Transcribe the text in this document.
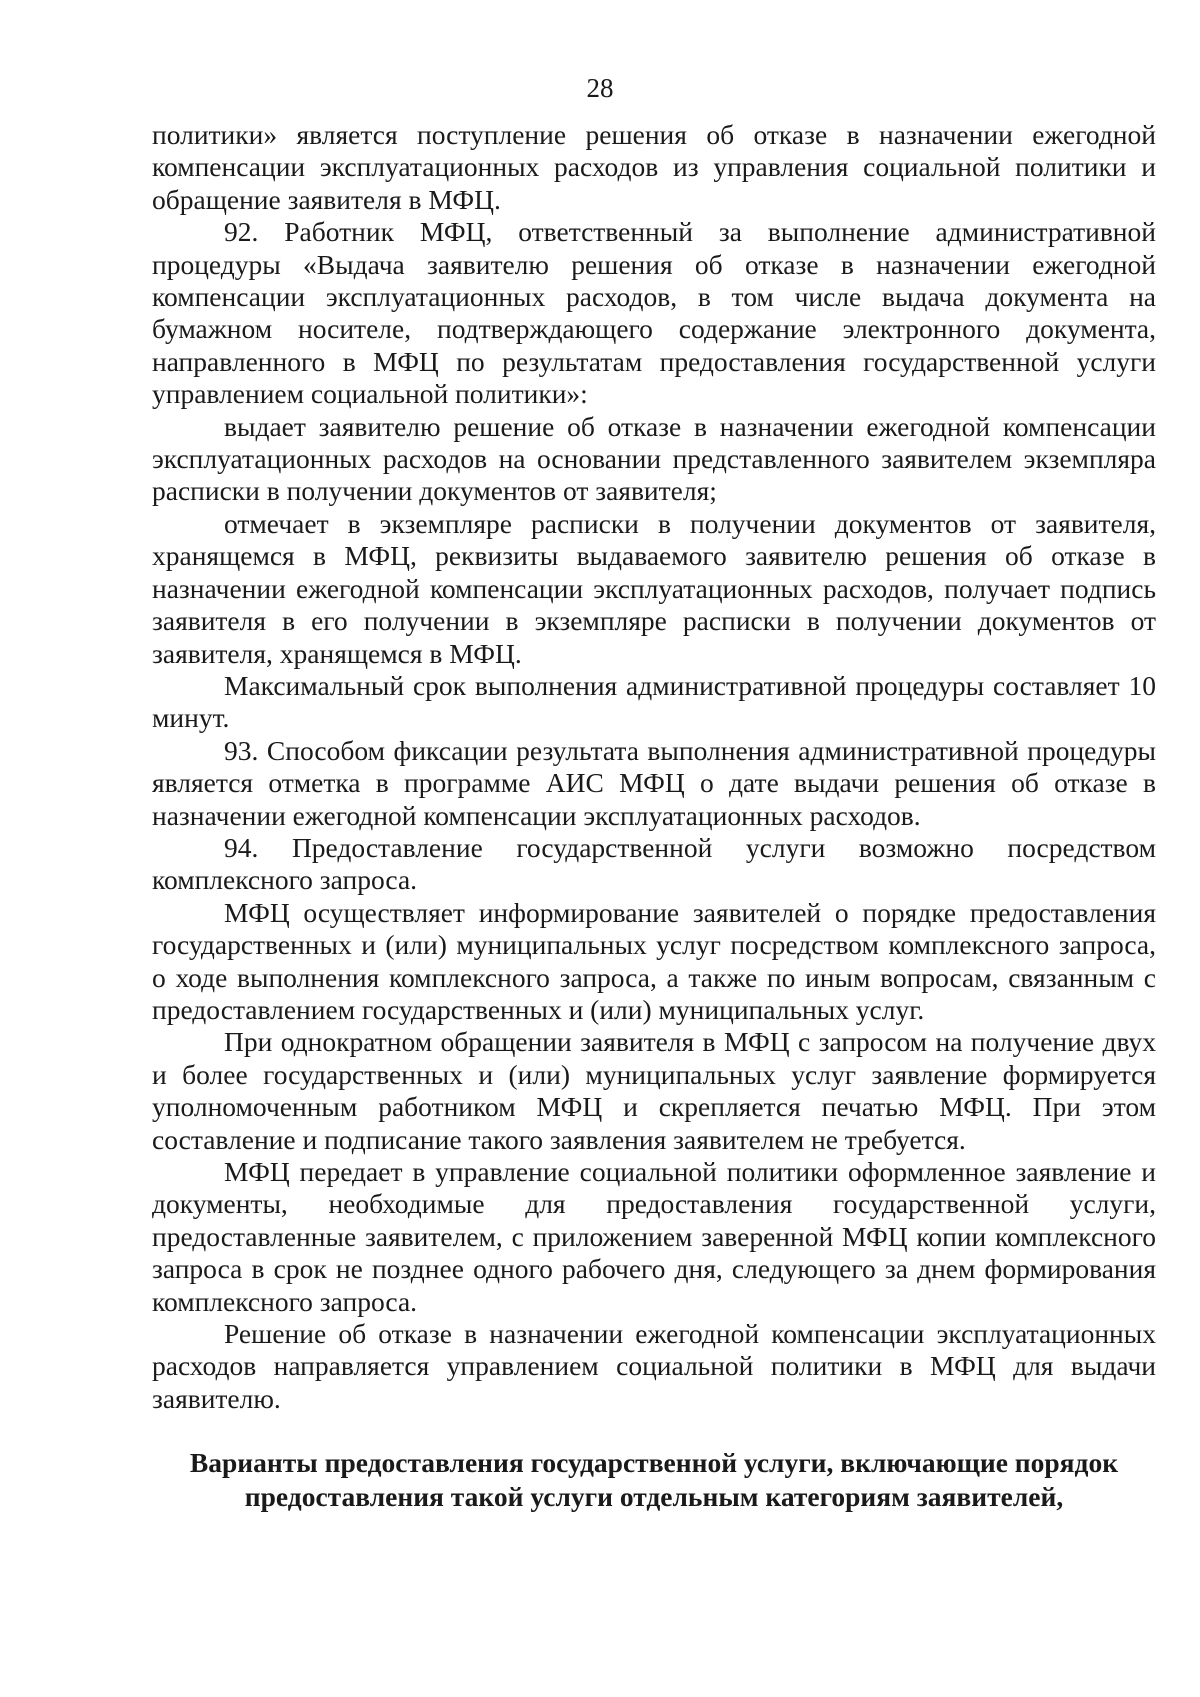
28

политики» является поступление решения об отказе в назначении ежегодной компенсации эксплуатационных расходов из управления социальной политики и обращение заявителя в МФЦ.

92. Работник МФЦ, ответственный за выполнение административной процедуры «Выдача заявителю решения об отказе в назначении ежегодной компенсации эксплуатационных расходов, в том числе выдача документа на бумажном носителе, подтверждающего содержание электронного документа, направленного в МФЦ по результатам предоставления государственной услуги управлением социальной политики»:

выдает заявителю решение об отказе в назначении ежегодной компенсации эксплуатационных расходов на основании представленного заявителем экземпляра расписки в получении документов от заявителя;

отмечает в экземпляре расписки в получении документов от заявителя, хранящемся в МФЦ, реквизиты выдаваемого заявителю решения об отказе в назначении ежегодной компенсации эксплуатационных расходов, получает подпись заявителя в его получении в экземпляре расписки в получении документов от заявителя, хранящемся в МФЦ.

Максимальный срок выполнения административной процедуры составляет 10 минут.

93. Способом фиксации результата выполнения административной процедуры является отметка в программе АИС МФЦ о дате выдачи решения об отказе в назначении ежегодной компенсации эксплуатационных расходов.

94. Предоставление государственной услуги возможно посредством комплексного запроса.

МФЦ осуществляет информирование заявителей о порядке предоставления государственных и (или) муниципальных услуг посредством комплексного запроса, о ходе выполнения комплексного запроса, а также по иным вопросам, связанным с предоставлением государственных и (или) муниципальных услуг.

При однократном обращении заявителя в МФЦ с запросом на получение двух и более государственных и (или) муниципальных услуг заявление формируется уполномоченным работником МФЦ и скрепляется печатью МФЦ. При этом составление и подписание такого заявления заявителем не требуется.

МФЦ передает в управление социальной политики оформленное заявление и документы, необходимые для предоставления государственной услуги, предоставленные заявителем, с приложением заверенной МФЦ копии комплексного запроса в срок не позднее одного рабочего дня, следующего за днем формирования комплексного запроса.

Решение об отказе в назначении ежегодной компенсации эксплуатационных расходов направляется управлением социальной политики в МФЦ для выдачи заявителю.

Варианты предоставления государственной услуги, включающие порядок
предоставления такой услуги отдельным категориям заявителей,
